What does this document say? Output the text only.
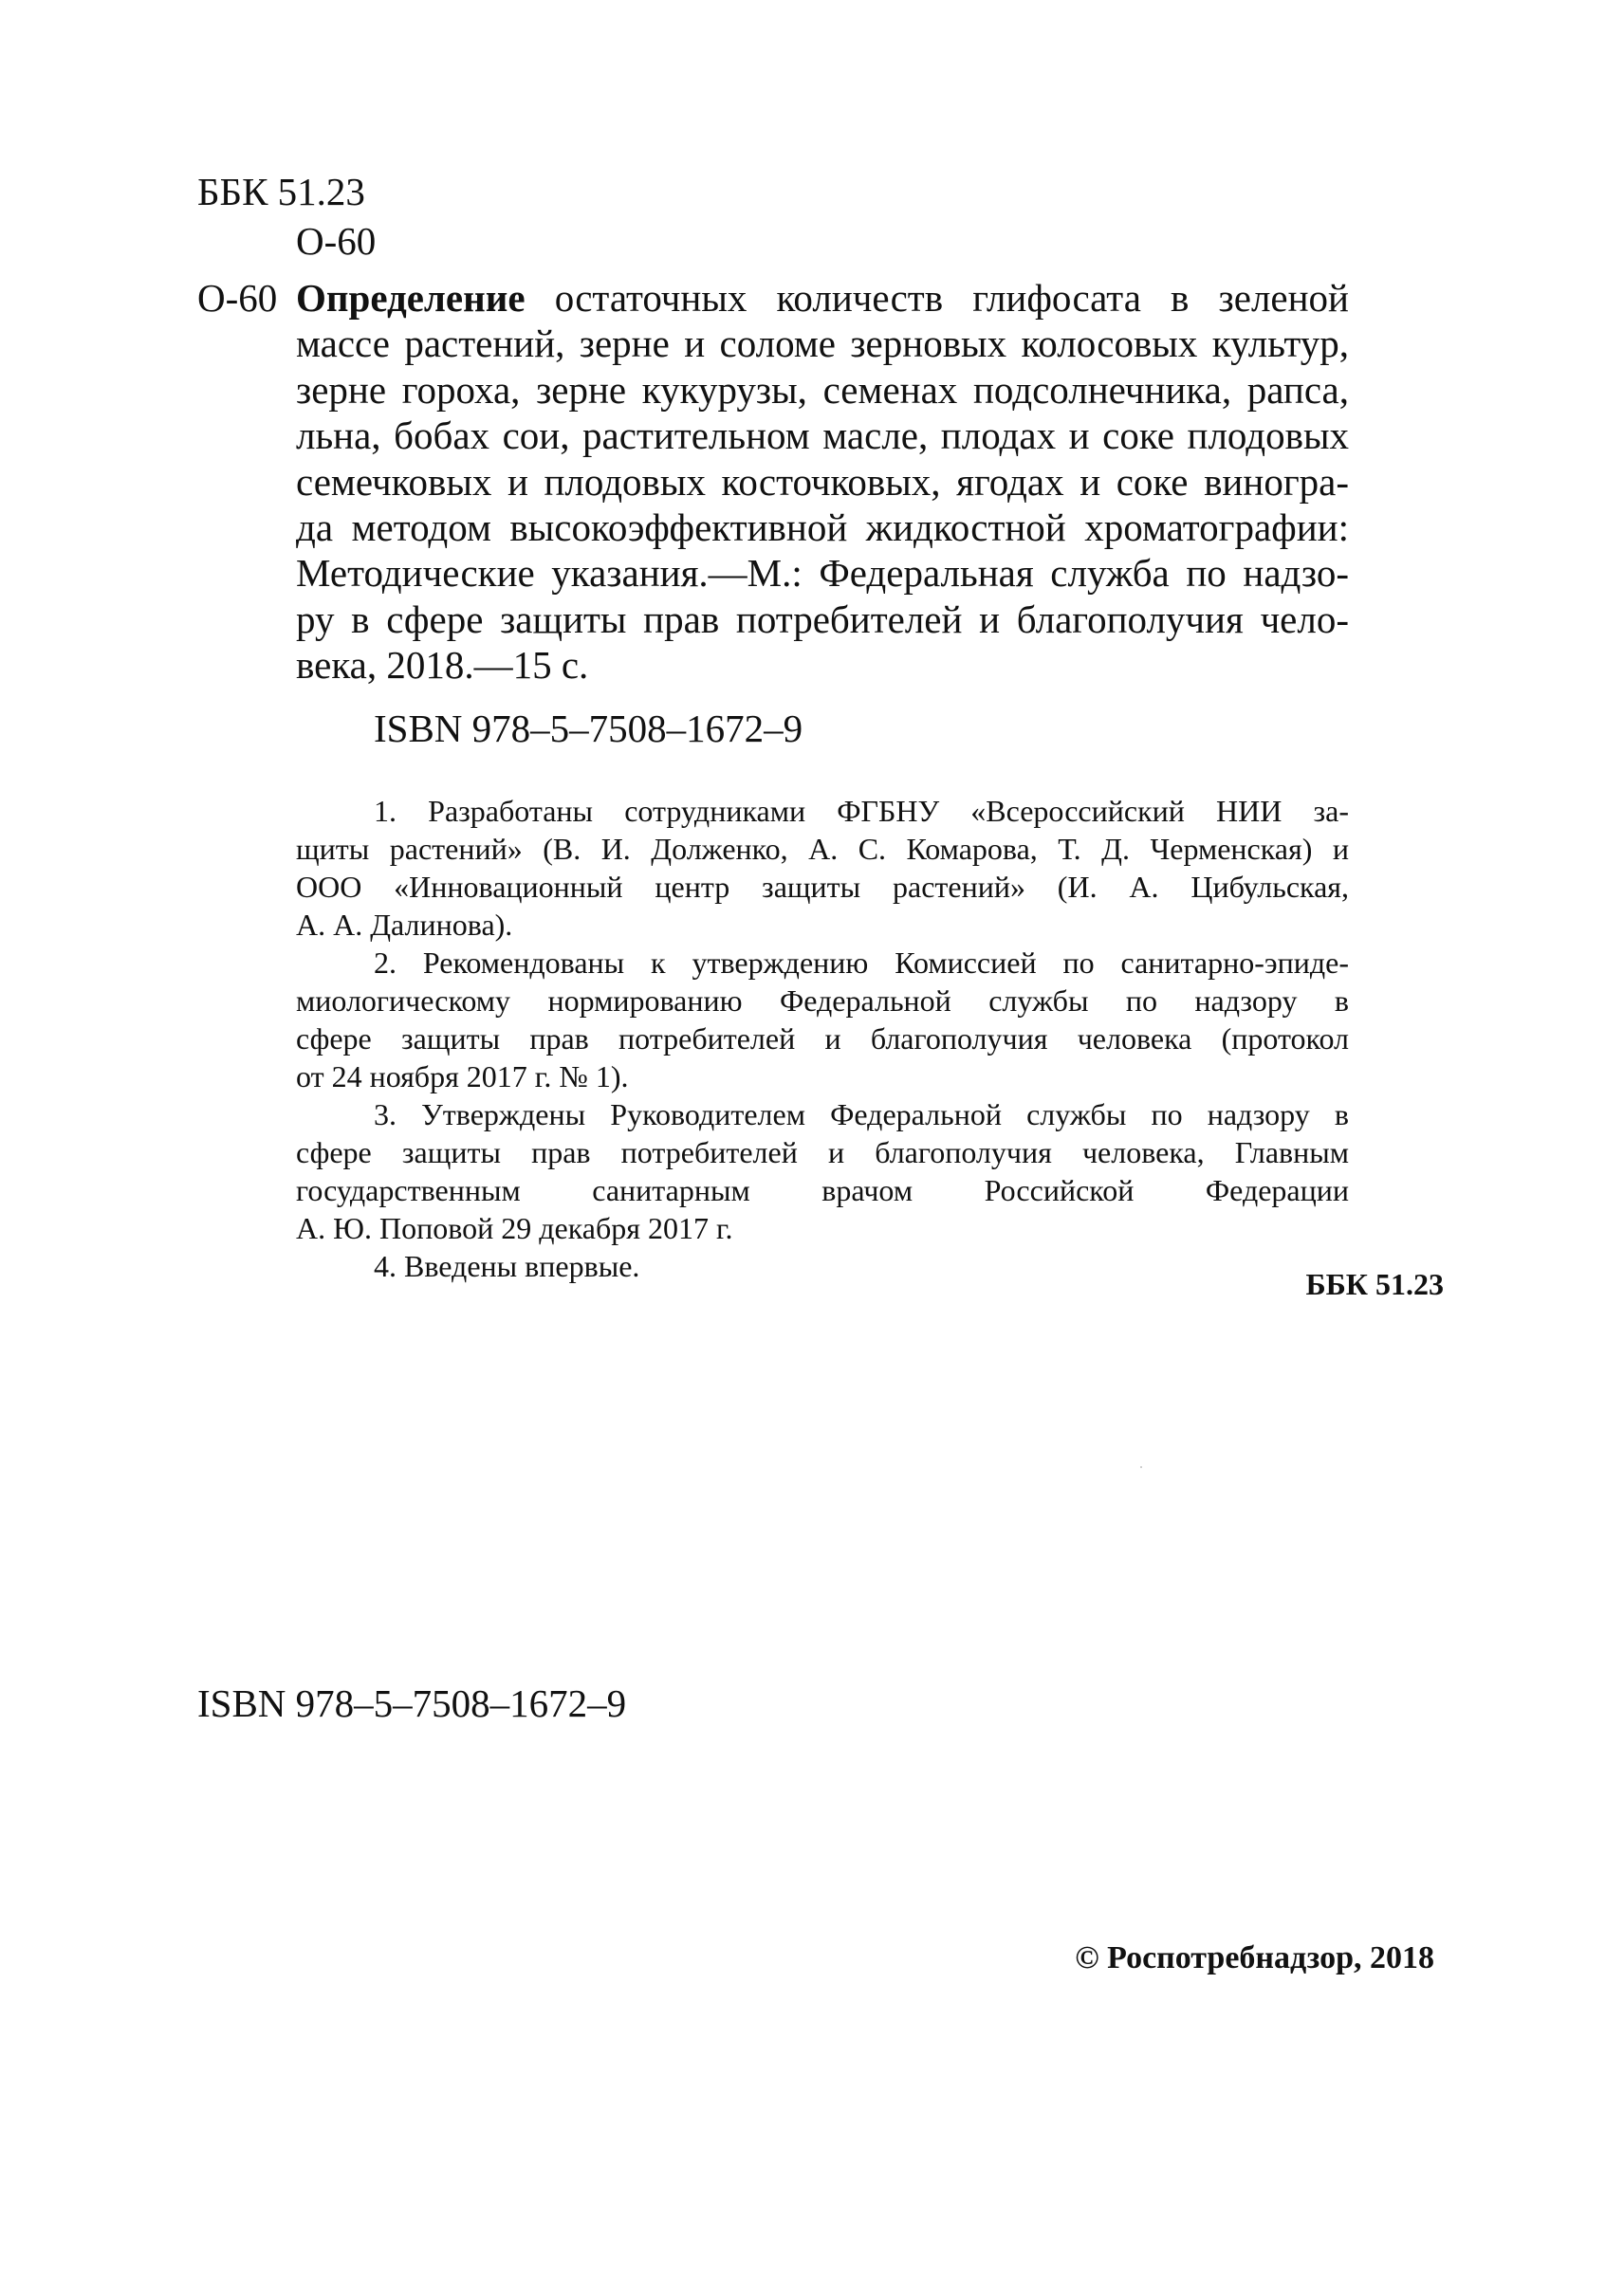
ББК 51.23
О-60
О-60 Определение остаточных количеств глифосата в зеленой
массе растений, зерне и соломе зерновых колосовых культур,
зерне гороха, зерне кукурузы, семенах подсолнечника, рапса,
льна, бобах сои, растительном масле, плодах и соке плодовых
семечковых и плодовых косточковых, ягодах и соке виногра-
да методом высокоэффективной жидкостной хроматографии:
Методические указания.—М.: Федеральная служба по надзо-
ру в сфере защиты прав потребителей и благополучия чело-
века, 2018.—15 с.
ISBN 978–5–7508–1672–9
1. Разработаны сотрудниками ФГБНУ «Всероссийский НИИ за-
щиты растений» (В. И. Долженко, А. С. Комарова, Т. Д. Черменская) и
ООО «Инновационный центр защиты растений» (И. А. Цибульская,
А. А. Далинова).
2. Рекомендованы к утверждению Комиссией по санитарно-эпиде-
миологическому нормированию Федеральной службы по надзору в
сфере защиты прав потребителей и благополучия человека (протокол
от 24 ноября 2017 г. № 1).
3. Утверждены Руководителем Федеральной службы по надзору в
сфере защиты прав потребителей и благополучия человека, Главным
государственным санитарным врачом Российской Федерации
А. Ю. Поповой 29 декабря 2017 г.
4. Введены впервые.
ББК 51.23
ISBN 978–5–7508–1672–9
© Роспотребнадзор, 2018
